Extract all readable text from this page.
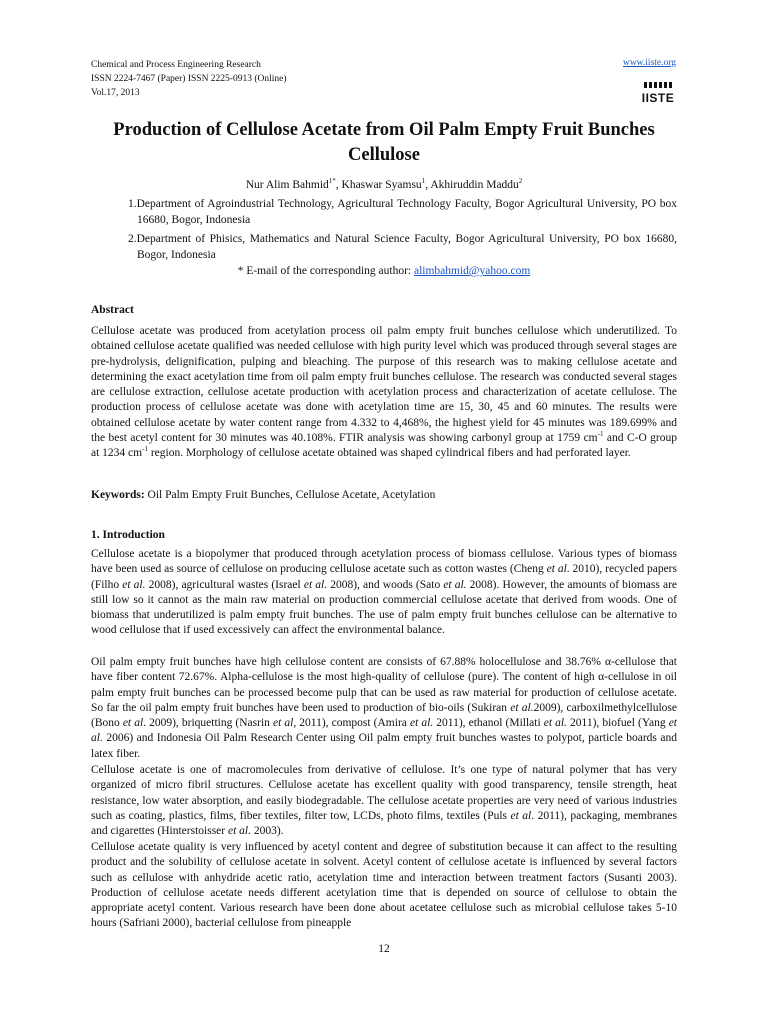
Chemical and Process Engineering Research
ISSN 2224-7467 (Paper) ISSN 2225-0913 (Online)
Vol.17, 2013
www.iiste.org
IISTE
Production of Cellulose Acetate from Oil Palm Empty Fruit Bunches Cellulose
Nur Alim Bahmid$^{1*}$, Khaswar Syamsu$^1$, Akhiruddin Maddu$^2$
1.Department of Agroindustrial Technology, Agricultural Technology Faculty, Bogor Agricultural University, PO box 16680, Bogor, Indonesia
2.Department of Phisics, Mathematics and Natural Science Faculty, Bogor Agricultural University, PO box 16680, Bogor, Indonesia
* E-mail of the corresponding author: alimbahmid@yahoo.com
Abstract

Cellulose acetate was produced from acetylation process oil palm empty fruit bunches cellulose which underutilized. To obtained cellulose acetate qualified was needed cellulose with high purity level which was produced through several stages are pre-hydrolysis, delignification, pulping and bleaching. The purpose of this research was to making cellulose acetate and determining the exact acetylation time from oil palm empty fruit bunches cellulose. The research was conducted several stages are cellulose extraction, cellulose acetate production with acetylation process and characterization of acetate cellulose. The production process of cellulose acetate was done with acetylation time are 15, 30, 45 and 60 minutes. The results were obtained cellulose acetate by water content range from 4.332 to 4,468%, the highest yield for 45 minutes was 189.699% and the best acetyl content for 30 minutes was 40.108%. FTIR analysis was showing carbonyl group at 1759 $cm^{-1}$ and C-O group at 1234 $cm^{-1}$ region. Morphology of cellulose acetate obtained was shaped cylindrical fibers and had perforated layer.

Keywords: Oil Palm Empty Fruit Bunches, Cellulose Acetate, Acetylation
1. Introduction

Cellulose acetate is a biopolymer that produced through acetylation process of biomass cellulose. Various types of biomass have been used as source of cellulose on producing cellulose acetate such as cotton wastes (Cheng et al. 2010), recycled papers (Filho et al. 2008), agricultural wastes (Israel et al. 2008), and woods (Sato et al. 2008). However, the amounts of biomass are still low so it cannot as the main raw material on production commercial cellulose acetate that derived from woods. One of biomass that underutilized is palm empty fruit bunches. The use of palm empty fruit bunches cellulose can be alternative to wood cellulose that if used excessively can affect the environmental balance.

Oil palm empty fruit bunches have high cellulose content are consists of 67.88% holocellulose and 38.76% α-cellulose that have fiber content 72.67%. Alpha-cellulose is the most high-quality of cellulose (pure). The content of high α-cellulose in oil palm empty fruit bunches can be processed become pulp that can be used as raw material for production of cellulose acetate. So far the oil palm empty fruit bunches have been used to production of bio-oils (Sukiran et al.2009), carboxilmethylcellulose (Bono et al. 2009), briquetting (Nasrin et al, 2011), compost (Amira et al. 2011), ethanol (Millati et al. 2011), biofuel (Yang et al. 2006) and Indonesia Oil Palm Research Center using Oil palm empty fruit bunches wastes to polypot, particle boards and latex fiber.

Cellulose acetate is one of macromolecules from derivative of cellulose. It’s one type of natural polymer that has very organized of micro fibril structures. Cellulose acetate has excellent quality with good transparency, tensile strength, heat resistance, low water absorption, and easily biodegradable. The cellulose acetate properties are very need of various industries such as coating, plastics, films, fiber textiles, filter tow, LCDs, photo films, textiles (Puls et al. 2011), packaging, membranes and cigarettes (Hinterstoisser et al. 2003).

Cellulose acetate quality is very influenced by acetyl content and degree of substitution because it can affect to the resulting product and the solubility of cellulose acetate in solvent. Acetyl content of cellulose acetate is influenced by several factors such as cellulose with anhydride acetic ratio, acetylation time and interaction between treatment factors (Susanti 2003). Production of cellulose acetate needs different acetylation time that is depended on source of cellulose to obtain the appropriate acetyl content. Various research have been done about acetatee cellulose such as microbial cellulose takes 5-10 hours (Safriani 2000), bacterial cellulose from pineapple

12
